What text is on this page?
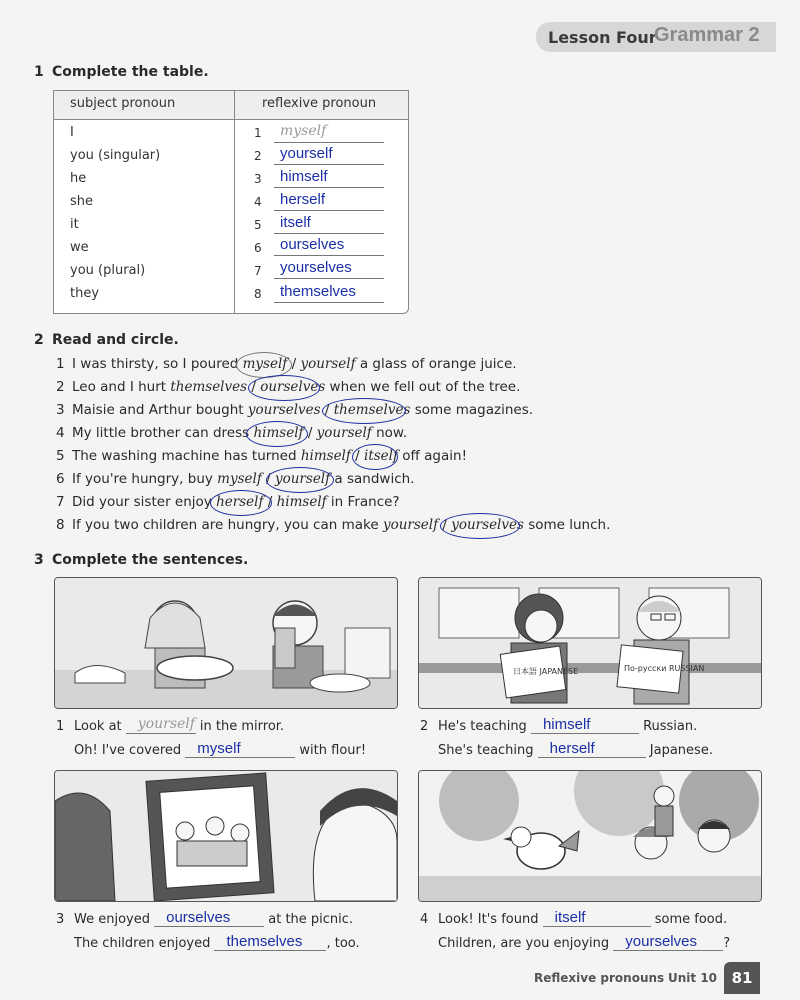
Lesson Four
Grammar 2
1 Complete the table.
subject pronoun	reflexive pronoun
I	1	myself
you (singular)	2	yourself
he	3	himself
she	4	herself
it	5	itself
we	6	ourselves
you (plural)	7	yourselves
they	8	themselves
2 Read and circle.
1 I was thirsty, so I poured myself / yourself a glass of orange juice.
2 Leo and I hurt themselves / ourselves when we fell out of the tree.
3 Maisie and Arthur bought yourselves / themselves some magazines.
4 My little brother can dress himself / yourself now.
5 The washing machine has turned himself / itself off again!
6 If you're hungry, buy myself / yourself a sandwich.
7 Did your sister enjoy herself / himself in France?
8 If you two children are hungry, you can make yourself / yourselves some lunch.
3 Complete the sentences.
日本語 JAPANESE	По-русски RUSSIAN
1 Look at yourself in the mirror.
Oh! I've covered myself	with flour!
2 He's teaching himself	Russian.
She's teaching herself	Japanese.
3 We enjoyed ourselves	at the picnic.
The children enjoyed themselves , too.
4 Look! It's found itself	some food.
Children, are you enjoying yourselves ?
Reflexive pronouns Unit 10 81
